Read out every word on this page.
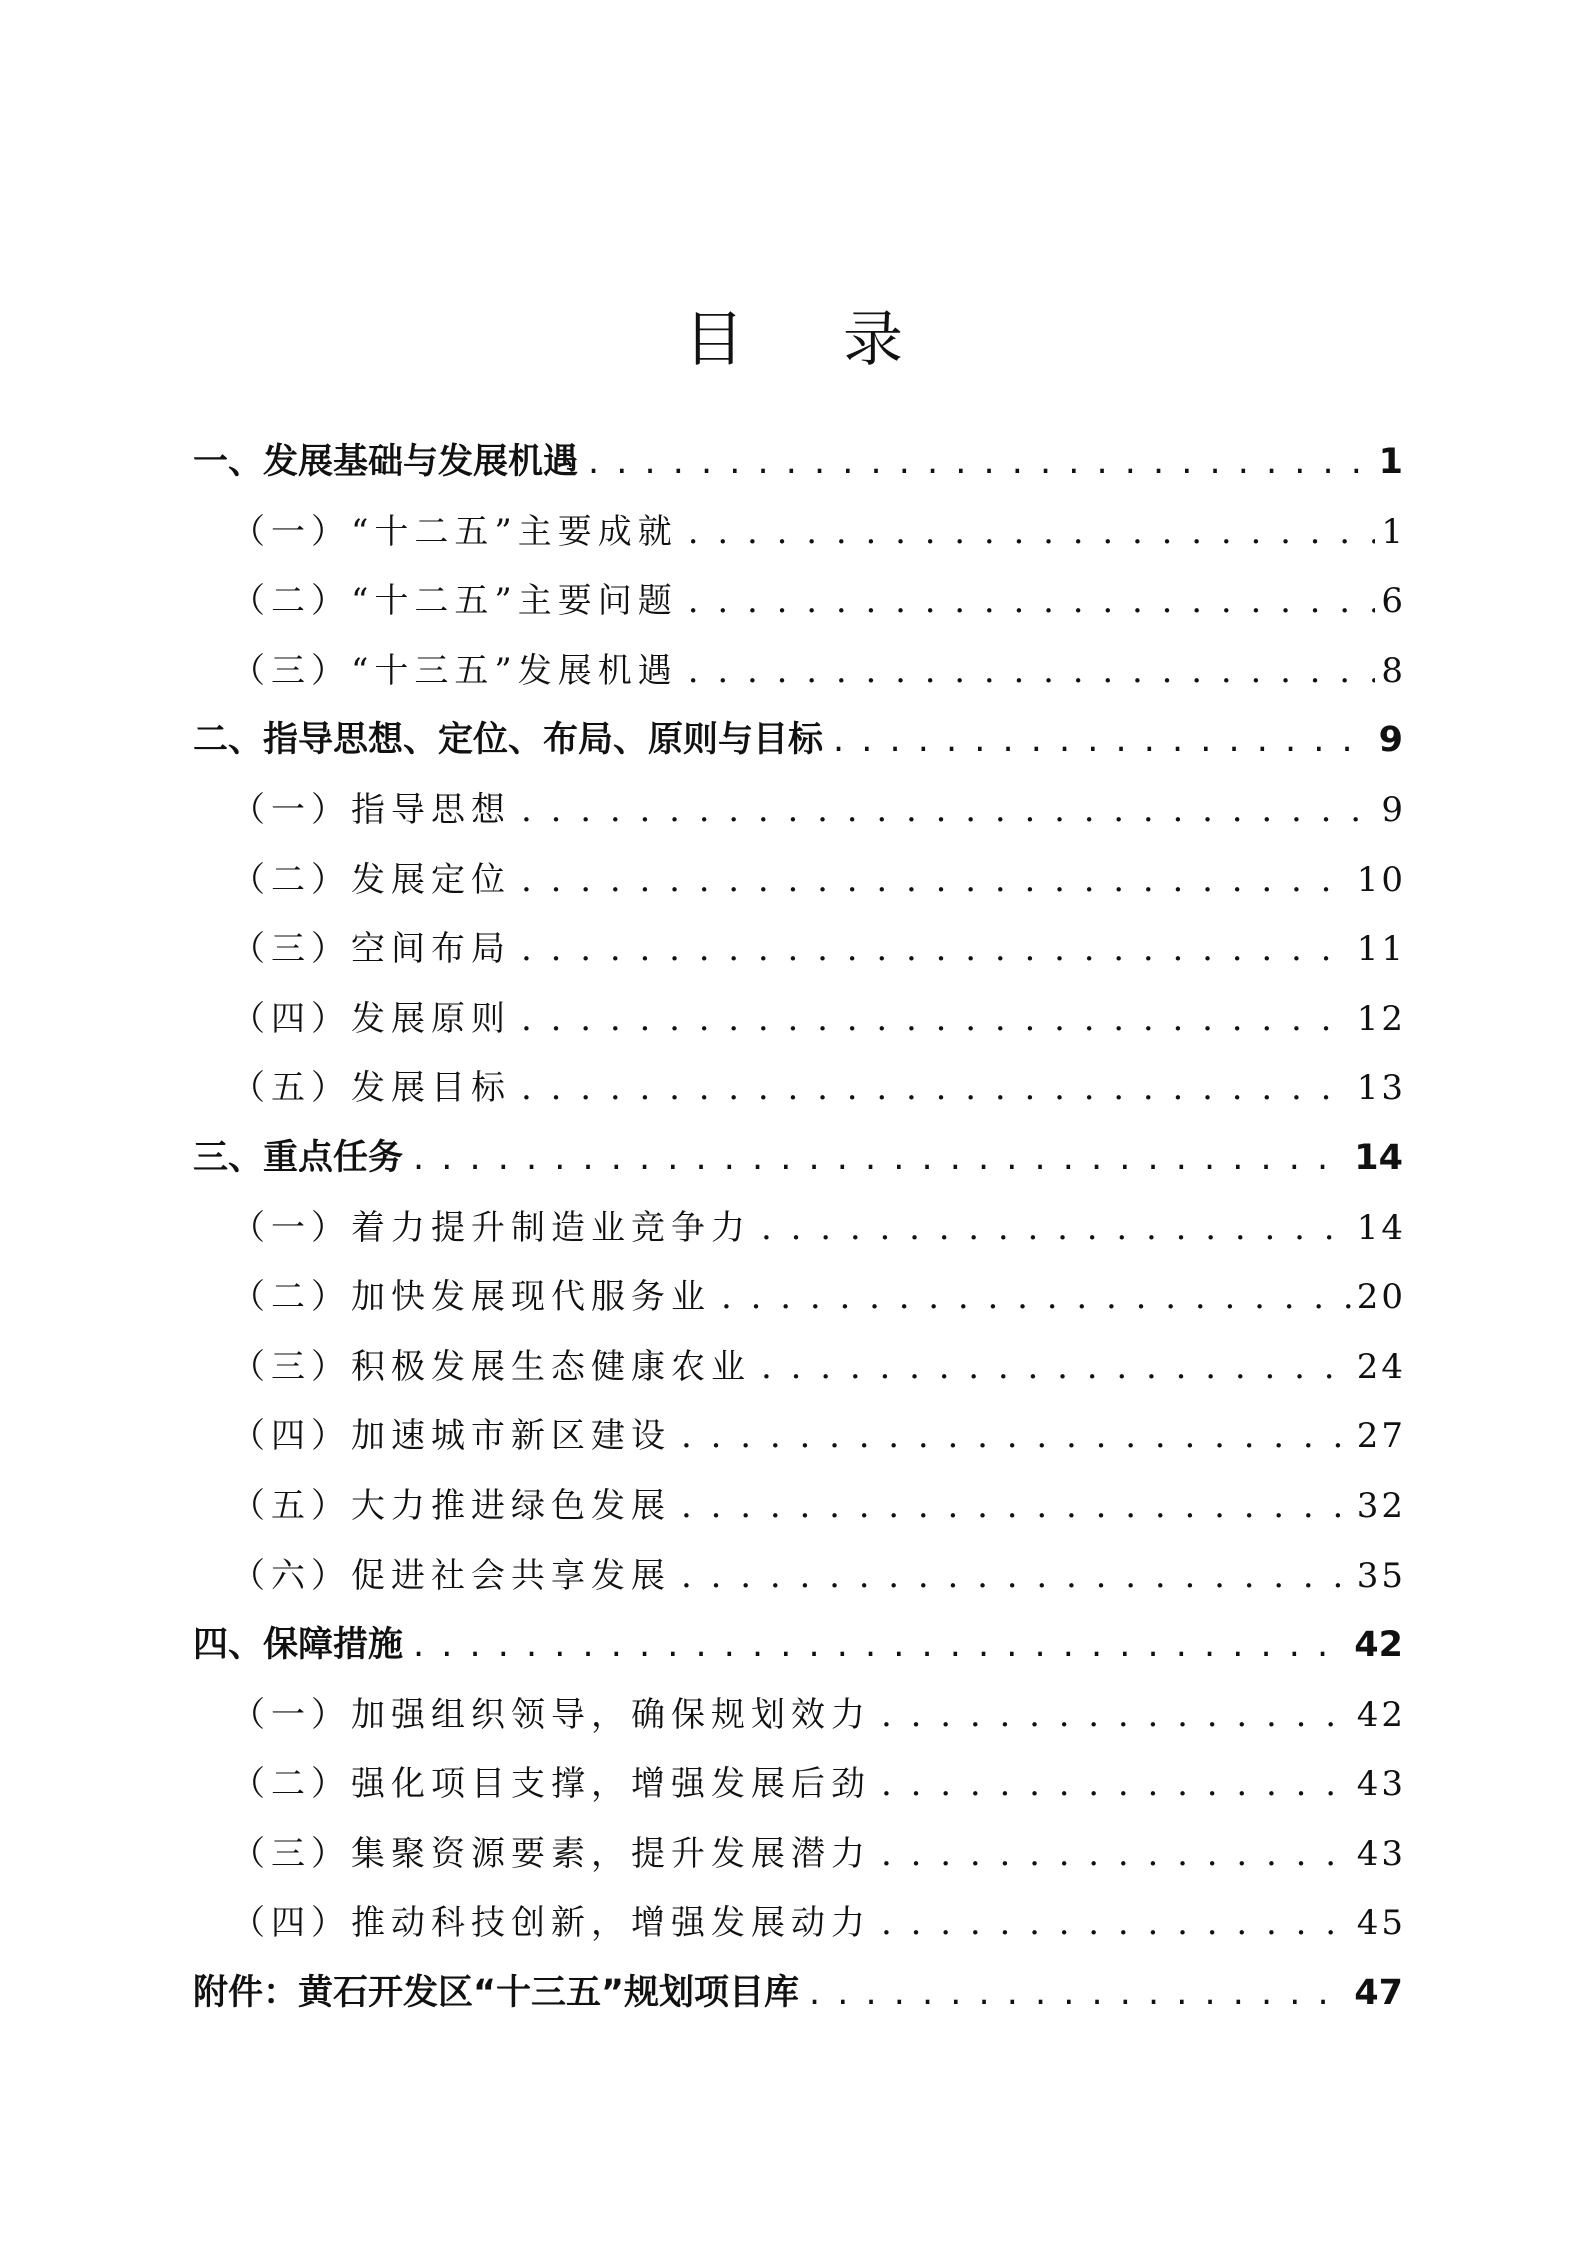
目 录
一、发展基础与发展机遇 . . .	1
（一）“十二五”主要成就 . . .	1
（二）“十二五”主要问题 . . .	6
（三）“十三五”发展机遇 . . .	8
二、指导思想、定位、布局、原则与目标 . . .	9
（一）指导思想 . . .	9
（二）发展定位 . . .	10
（三）空间布局 . . .	11
（四）发展原则 . . .	12
（五）发展目标 . . .	13
三、重点任务 . . .	14
（一）着力提升制造业竞争力 . . .	14
（二）加快发展现代服务业 . . .	20
（三）积极发展生态健康农业 . . .	24
（四）加速城市新区建设 . . .	27
（五）大力推进绿色发展 . . .	32
（六）促进社会共享发展 . . .	35
四、保障措施 . . .	42
（一）加强组织领导，确保规划效力 . . .	42
（二）强化项目支撑，增强发展后劲 . . .	43
（三）集聚资源要素，提升发展潜力 . . .	43
（四）推动科技创新，增强发展动力 . . .	45
附件：黄石开发区“十三五”规划项目库 . . .	47
